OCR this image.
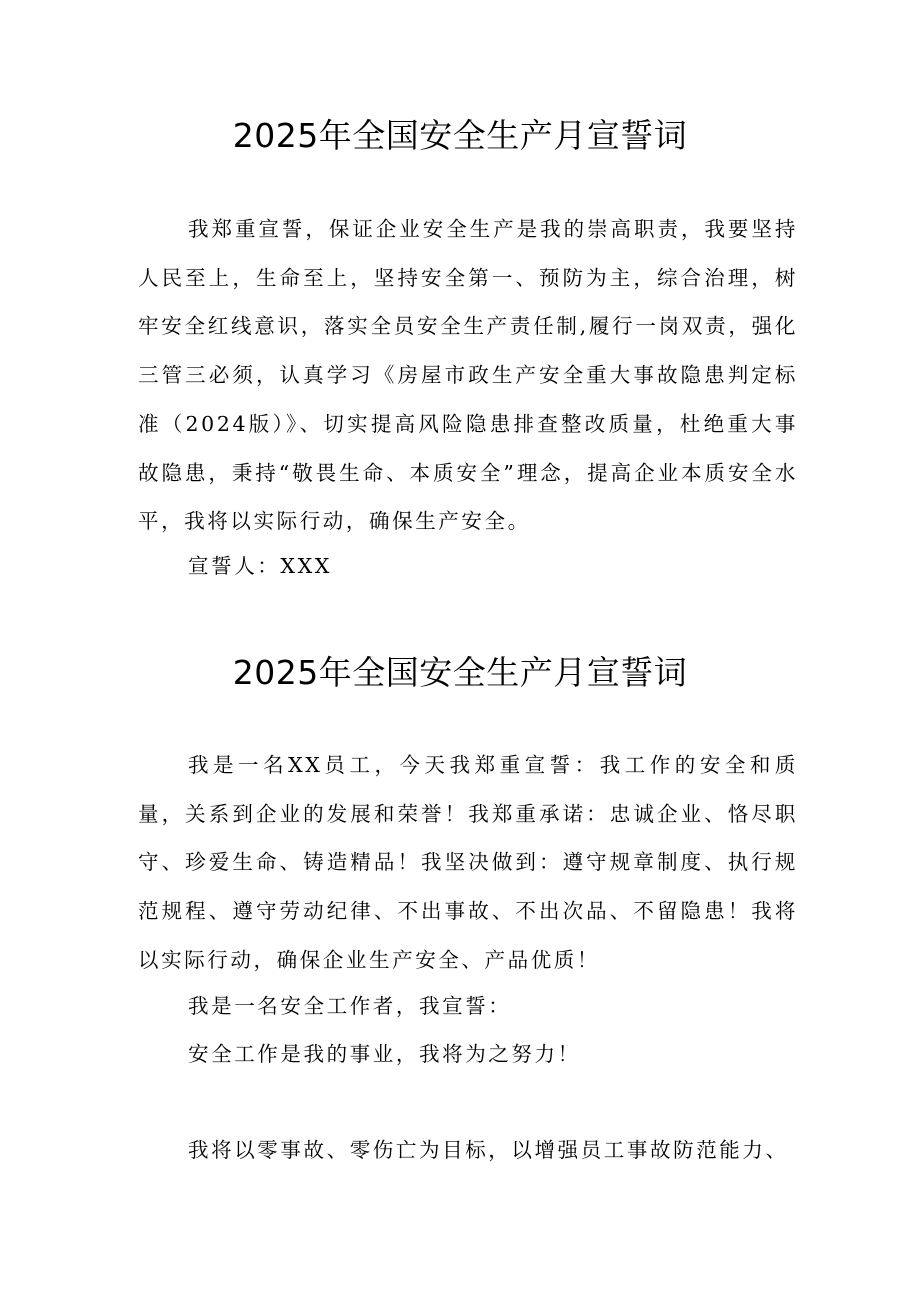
2025年全国安全生产月宣誓词

我郑重宣誓，保证企业安全生产是我的崇高职责，我要坚持人民至上，生命至上，坚持安全第一、预防为主，综合治理，树牢安全红线意识，落实全员安全生产责任制,履行一岗双责，强化三管三必须，认真学习《房屋市政生产安全重大事故隐患判定标准（2024版）》、切实提高风险隐患排查整改质量，杜绝重大事故隐患，秉持“敬畏生命、本质安全”理念，提高企业本质安全水平，我将以实际行动，确保生产安全。

宣誓人：XXX

2025年全国安全生产月宣誓词

我是一名XX员工，今天我郑重宣誓：我工作的安全和质量，关系到企业的发展和荣誉！我郑重承诺：忠诚企业、恪尽职守、珍爱生命、铸造精品！我坚决做到：遵守规章制度、执行规范规程、遵守劳动纪律、不出事故、不出次品、不留隐患！我将以实际行动，确保企业生产安全、产品优质！

我是一名安全工作者，我宣誓：

安全工作是我的事业，我将为之努力！

我将以零事故、零伤亡为目标，以增强员工事故防范能力、
